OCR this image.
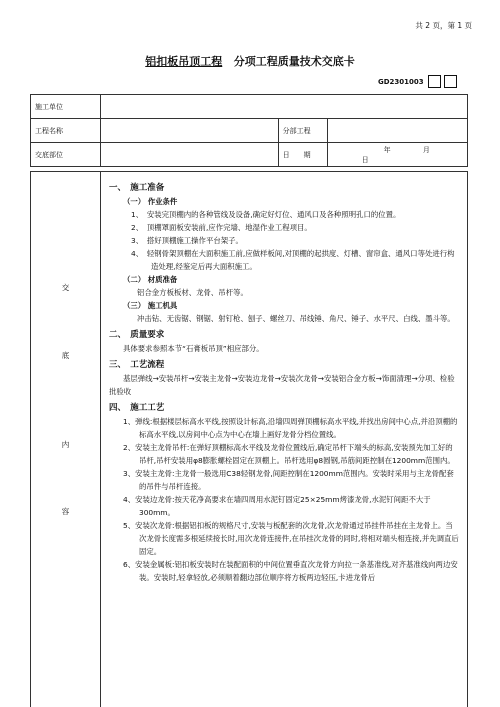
共 2 页，第 1 页
铝扣板吊顶工程 分项工程质量技术交底卡
GD2301003
施工单位			
工程名称		分部工程	
交底部位		日　　期	年 月 日
交
底
内
容
一、　施工准备
（一） 作业条件
1、　 安装完顶棚内的各种管线及设备,确定好灯位、通风口及各种照明孔口的位置。
2、　 顶棚罩面板安装前,应作完墙、地湿作业工程项目。
3、　 搭好顶棚施工操作平台架子。
4、　 轻钢骨架顶棚在大面积施工前,应做样板间,对顶棚的起拱度、灯槽、窗帘盒、通风口等处进行构造处理,经鉴定后再大面积施工。
（二） 材质准备
铝合金方板板材、龙骨、吊杆等。
（三） 施工机具
冲击钻、无齿锯、钢锯、射钉枪、刨子、螺丝刀、吊线锤、角尺、锤子、水平尺、白线、墨斗等。
二、　质量要求
具体要求参照本节“石膏板吊顶”相应部分。
三、　工艺流程
基层弹线→安装吊杆→安装主龙骨→安装边龙骨→安装次龙骨→安装铝合金方板→饰面清理→分项、检验批验收
四、　施工工艺
1、弹线:根据楼层标高水平线,按照设计标高,沿墙四周弹顶棚标高水平线,并找出房间中心点,并沿顶棚的标高水平线,以房间中心点为中心在墙上画好龙骨分档位置线。
2、安装主龙骨吊杆:在弹好顶棚标高水平线及龙骨位置线后,确定吊杆下端头的标高,安装预先加工好的吊杆,吊杆安装用φ8膨胀螺栓固定在顶棚上。吊杆选用φ8圆钢,吊筋间距控制在1200mm范围内。
3、安装主龙骨:主龙骨一般选用C38轻钢龙骨,间距控制在1200mm范围内。安装时采用与主龙骨配套的吊件与吊杆连接。
4、安装边龙骨:按天花净高要求在墙四周用水泥钉固定25×25mm烤漆龙骨,水泥钉间距不大于300mm。
5、安装次龙骨:根据铝扣板的规格尺寸,安装与板配套的次龙骨,次龙骨通过吊挂件吊挂在主龙骨上。当次龙骨长度需多根延续接长时,用次龙骨连接件,在吊挂次龙骨的同时,将相对端头相连接,并先调直后固定。
6、安装金属板:铝扣板安装时在装配面积的中间位置垂直次龙骨方向拉一条基准线,对齐基准线向两边安装。安装时,轻拿轻放,必须顺着翻边部位顺序将方板两边轻压,卡进龙骨后
